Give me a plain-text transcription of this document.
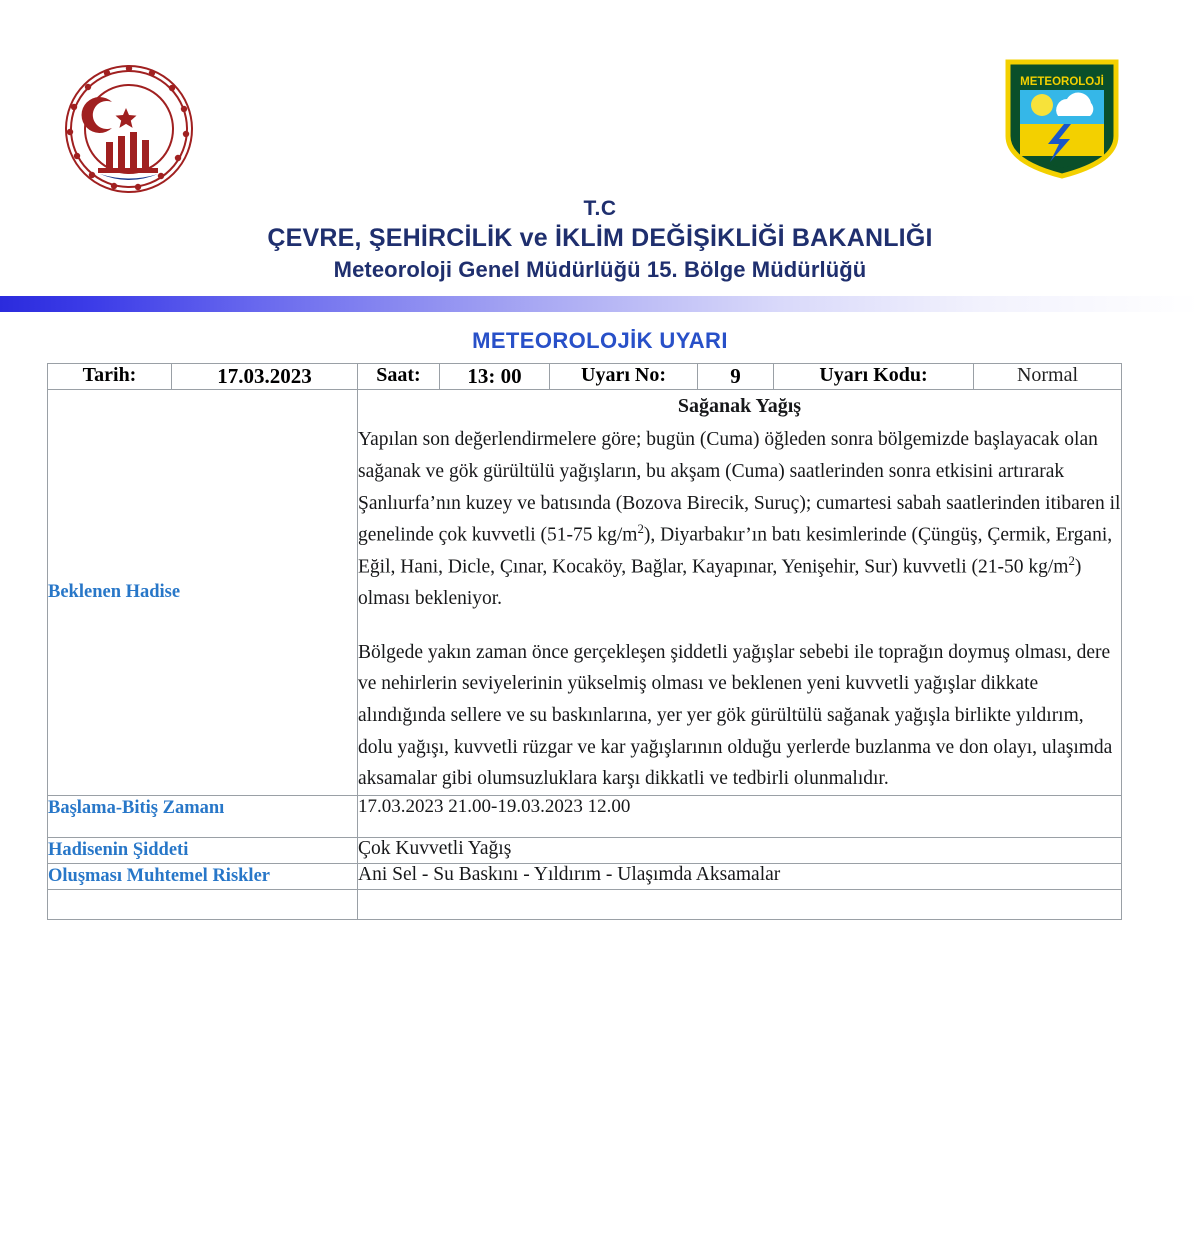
METEOROLOJİ
T.C
ÇEVRE, ŞEHİRCİLİK ve İKLİM DEĞİŞİKLİĞİ BAKANLIĞI
Meteoroloji Genel Müdürlüğü 15. Bölge Müdürlüğü
METEOROLOJİK UYARI
Tarih:	17.03.2023	Saat:	13: 00	Uyarı No:	9	Uyarı Kodu:	Normal
Beklenen Hadise		Sağanak Yağış

Yapılan son değerlendirmelere göre; bugün (Cuma) öğleden sonra bölgemizde başlayacak olan sağanak ve gök gürültülü yağışların, bu akşam (Cuma) saatlerinden sonra etkisini artırarak Şanlıurfa’nın kuzey ve batısında (Bozova Birecik, Suruç); cumartesi sabah saatlerinden itibaren il genelinde çok kuvvetli (51-75 $kg/m^2$), Diyarbakır’ın batı kesimlerinde (Çüngüş, Çermik, Ergani, Eğil, Hani, Dicle, Çınar, Kocaköy, Bağlar, Kayapınar, Yenişehir, Sur) kuvvetli (21-50 $kg/m^2$) olması bekleniyor.

Bölgede yakın zaman önce gerçekleşen şiddetli yağışlar sebebi ile toprağın doymuş olması, dere ve nehirlerin seviyelerinin yükselmiş olması ve beklenen yeni kuvvetli yağışlar dikkate alındığında sellere ve su baskınlarına, yer yer gök gürültülü sağanak yağışla birlikte yıldırım, dolu yağışı, kuvvetli rüzgar ve kar yağışlarının olduğu yerlerde buzlanma ve don olayı, ulaşımda aksamalar gibi olumsuzluklara karşı dikkatli ve tedbirli olunmalıdır.					

Başlama-Bitiş Zamanı		17.03.2023 21.00-19.03.2023 12.00					
Hadisenin Şiddeti		Çok Kuvvetli Yağış					
Oluşması Muhtemel Riskler		Ani Sel - Su Baskını - Yıldırım - Ulaşımda Aksamalar					
